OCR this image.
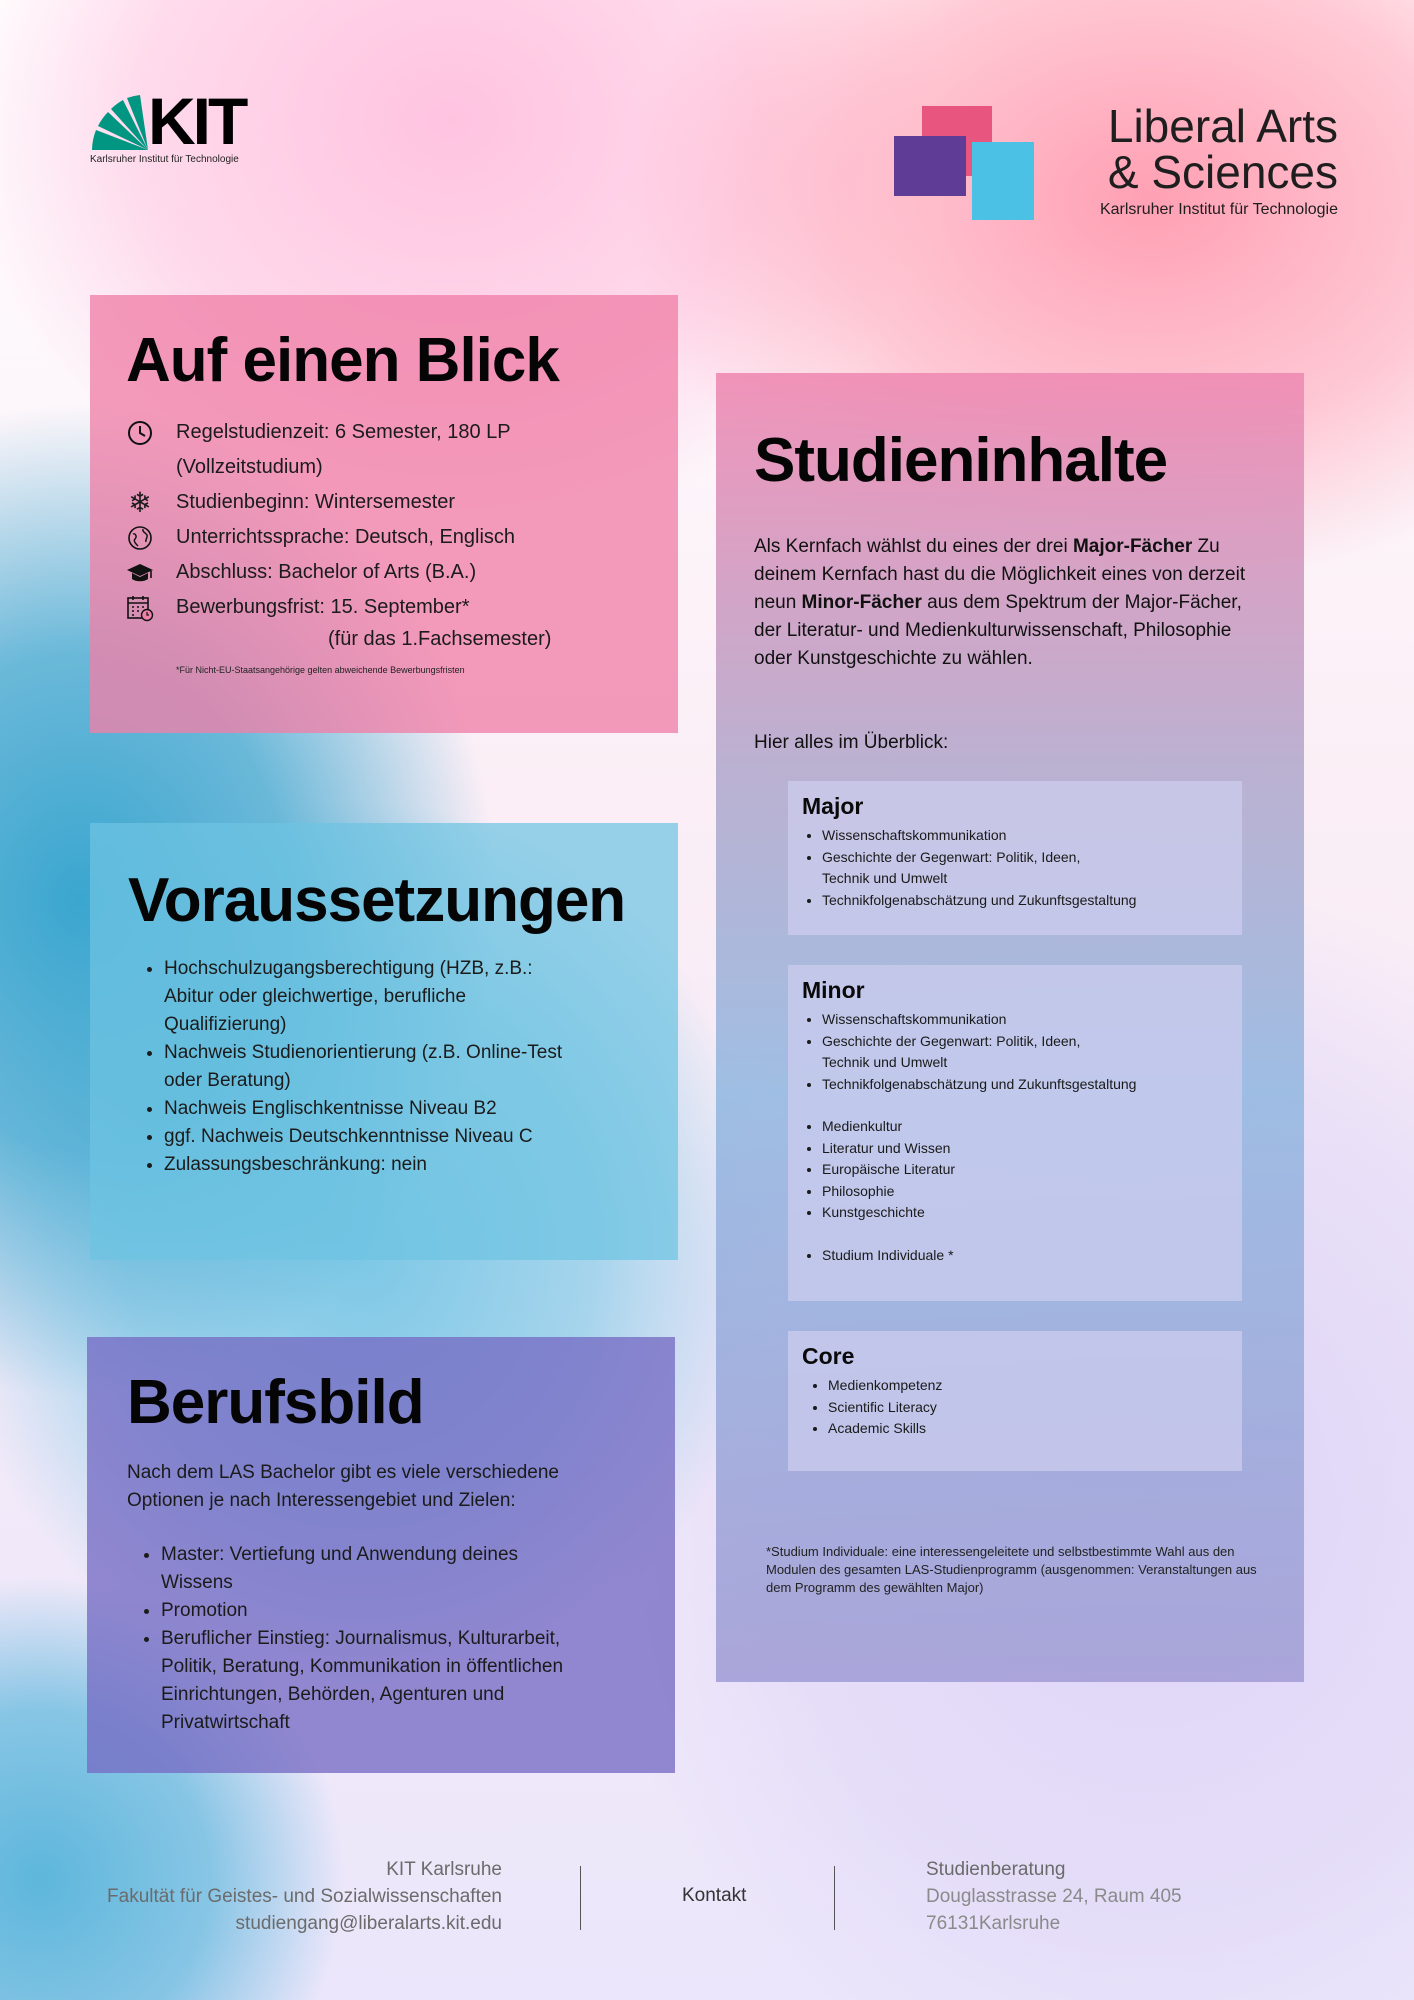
KIT
Karlsruher Institut für Technologie
Liberal Arts
& Sciences
Karlsruher Institut für Technologie
Auf einen Blick
Regelstudienzeit: 6 Semester, 180 LP (Vollzeitstudium)
❄ Studienbeginn: Wintersemester
Unterrichtssprache: Deutsch, Englisch
Abschluss: Bachelor of Arts (B.A.)
Bewerbungsfrist: 15. September*
(für das 1.Fachsemester)
*Für Nicht-EU-Staatsangehörige gelten abweichende Bewerbungsfristen
Voraussetzungen
• Hochschulzugangsberechtigung (HZB, z.B.: Abitur oder gleichwertige, berufliche Qualifizierung)
• Nachweis Studienorientierung (z.B. Online-Test oder Beratung)
• Nachweis Englischkentnisse Niveau B2
• ggf. Nachweis Deutschkenntnisse Niveau C
• Zulassungsbeschränkung: nein
Berufsbild

Nach dem LAS Bachelor gibt es viele verschiedene Optionen je nach Interessengebiet und Zielen:

• Master: Vertiefung und Anwendung deines Wissens
• Promotion
• Beruflicher Einstieg: Journalismus, Kulturarbeit, Politik, Beratung, Kommunikation in öffentlichen Einrichtungen, Behörden, Agenturen und Privatwirtschaft
Studieninhalte

Als Kernfach wählst du eines der drei Major-Fächer Zu deinem Kernfach hast du die Möglichkeit eines von derzeit neun Minor-Fächer aus dem Spektrum der Major-Fächer, der Literatur- und Medienkulturwissenschaft, Philosophie oder Kunstgeschichte zu wählen.

Hier alles im Überblick:

Major
• Wissenschaftskommunikation
• Geschichte der Gegenwart: Politik, Ideen, Technik und Umwelt
• Technikfolgenabschätzung und Zukunftsgestaltung
Minor
• Wissenschaftskommunikation
• Geschichte der Gegenwart: Politik, Ideen, Technik und Umwelt
• Technikfolgenabschätzung und Zukunftsgestaltung
• Medienkultur
• Literatur und Wissen
• Europäische Literatur
• Philosophie
• Kunstgeschichte
• Studium Individuale *
Core
• Medienkompetenz
• Scientific Literacy
• Academic Skills
*Studium Individuale: eine interessengeleitete und selbstbestimmte Wahl aus den Modulen des gesamten LAS-Studienprogramm (ausgenommen: Veranstaltungen aus dem Programm des gewählten Major)
KIT Karlsruhe
Fakultät für Geistes- und Sozialwissenschaften
studiengang@liberalarts.kit.edu
Kontakt
Studienberatung
Douglasstrasse 24, Raum 405
76131Karlsruhe
